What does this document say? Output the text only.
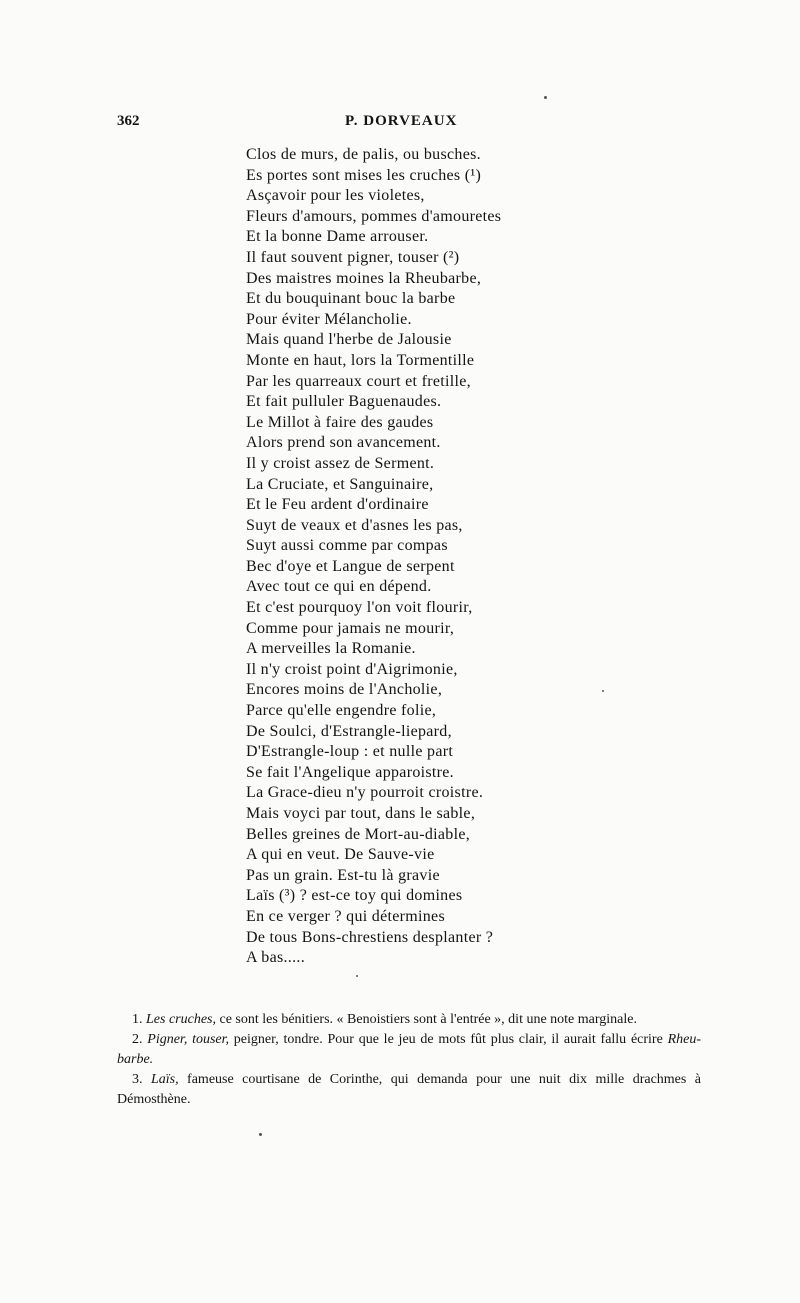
362	P. DORVEAUX
Clos de murs, de palis, ou busches.
Es portes sont mises les cruches (¹)
Asçavoir pour les violetes,
Fleurs d'amours, pommes d'amouretes
Et la bonne Dame arrouser.
Il faut souvent pigner, touser (²)
Des maistres moines la Rheubarbe,
Et du bouquinant bouc la barbe
Pour éviter Mélancholie.
Mais quand l'herbe de Jalousie
Monte en haut, lors la Tormentille
Par les quarreaux court et fretille,
Et fait pulluler Baguenaudes.
Le Millot à faire des gaudes
Alors prend son avancement.
Il y croist assez de Serment.
La Cruciate, et Sanguinaire,
Et le Feu ardent d'ordinaire
Suyt de veaux et d'asnes les pas,
Suyt aussi comme par compas
Bec d'oye et Langue de serpent
Avec tout ce qui en dépend.
Et c'est pourquoy l'on voit flourir,
Comme pour jamais ne mourir,
A merveilles la Romanie.
Il n'y croist point d'Aigrimonie,
Encores moins de l'Ancholie,
Parce qu'elle engendre folie,
De Soulci, d'Estrangle-liepard,
D'Estrangle-loup : et nulle part
Se fait l'Angelique apparoistre.
La Grace-dieu n'y pourroit croistre.
Mais voyci par tout, dans le sable,
Belles greines de Mort-au-diable,
A qui en veut. De Sauve-vie
Pas un grain. Est-tu là gravie
Laïs (³) ? est-ce toy qui domines
En ce verger ? qui détermines
De tous Bons-chrestiens desplanter ?
A bas.....

1. Les cruches, ce sont les bénitiers. « Benoistiers sont à l'entrée », dit une note marginale.

2. Pigner, touser, peigner, tondre. Pour que le jeu de mots fût plus clair, il aurait fallu écrire Rheu-barbe.

3. Laïs, fameuse courtisane de Corinthe, qui demanda pour une nuit dix mille drachmes à Démosthène.
